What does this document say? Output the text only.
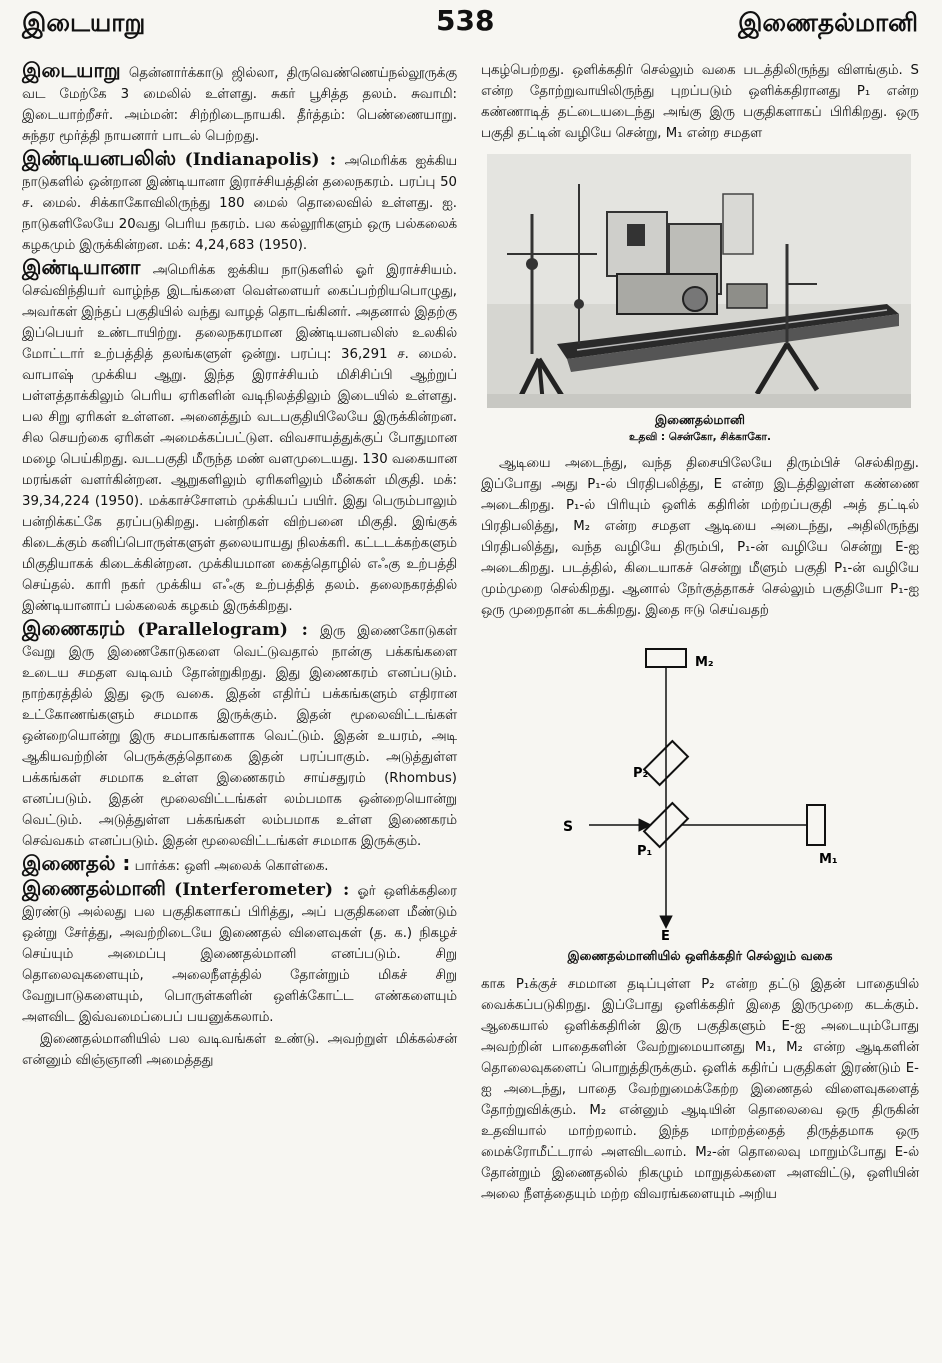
இடையாறு	538	இணைதல்மானி

இடையாறு தென்னார்க்காடு ஜில்லா, திருவெண்ணெய்நல்லூருக்கு வட மேற்கே 3 மைலில் உள்ளது. சுகர் பூசித்த தலம். சுவாமி: இடையாற்றீசர். அம்மன்: சிற்றிடைநாயகி. தீர்த்தம்: பெண்ணையாறு. சுந்தர மூர்த்தி நாயனார் பாடல் பெற்றது.

இண்டியனபலிஸ் (Indianapolis) : அமெரிக்க ஐக்கிய நாடுகளில் ஒன்றான இண்டியானா இராச்சியத்தின் தலைநகரம். பரப்பு 50 ச. மைல். சிக்காகோவிலிருந்து 180 மைல் தொலைவில் உள்ளது. ஐ. நாடுகளிலேயே 20வது பெரிய நகரம். பல கல்லூரிகளும் ஒரு பல்கலைக் கழகமும் இருக்கின்றன. மக்: 4,24,683 (1950).

இண்டியானா அமெரிக்க ஐக்கிய நாடுகளில் ஓர் இராச்சியம். செவ்விந்தியர் வாழ்ந்த இடங்களை வெள்ளையர் கைப்பற்றியபொழுது, அவர்கள் இந்தப் பகுதியில் வந்து வாழத் தொடங்கினர். அதனால் இதற்கு இப்பெயர் உண்டாயிற்று. தலைநகரமான இண்டியனபலிஸ் உலகில் மோட்டார் உற்பத்தித் தலங்களுள் ஒன்று. பரப்பு: 36,291 ச. மைல். வாபாஷ் முக்கிய ஆறு. இந்த இராச்சியம் மிசிசிப்பி ஆற்றுப் பள்ளத்தாக்கிலும் பெரிய ஏரிகளின் வடிநிலத்திலும் இடையில் உள்ளது. பல சிறு ஏரிகள் உள்ளன. அனைத்தும் வடபகுதியிலேயே இருக்கின்றன. சில செயற்கை ஏரிகள் அமைக்கப்பட்டுள. விவசாயத்துக்குப் போதுமான மழை பெய்கிறது. வடபகுதி மீருந்த மண் வளமுடையது. 130 வகையான மரங்கள் வளர்கின்றன. ஆறுகளிலும் ஏரிகளிலும் மீன்கள் மிகுதி. மக்: 39,34,224 (1950). மக்காச்சோளம் முக்கியப் பயிர். இது பெரும்பாலும் பன்றிக்கட்கே தரப்படுகிறது. பன்றிகள் விற்பனை மிகுதி. இங்குக் கிடைக்கும் கனிப்பொருள்களுள் தலையாயது நிலக்கரி. கட்டடக்கற்களும் மிகுதியாகக் கிடைக்கின்றன. முக்கியமான கைத்தொழில் எஃகு உற்பத்தி செய்தல். காரி நகர் முக்கிய எஃகு உற்பத்தித் தலம். தலைநகரத்தில் இண்டியானாப் பல்கலைக் கழகம் இருக்கிறது.

இணைகரம் (Parallelogram) : இரு இணைகோடுகள் வேறு இரு இணைகோடுகளை வெட்டுவதால் நான்கு பக்கங்களை உடைய சமதள வடிவம் தோன்றுகிறது. இது இணைகரம் எனப்படும். நாற்கரத்தில் இது ஒரு வகை. இதன் எதிர்ப் பக்கங்களும் எதிரான உட்கோணங்களும் சமமாக இருக்கும். இதன் மூலைவிட்டங்கள் ஒன்றையொன்று இரு சமபாகங்களாக வெட்டும். இதன் உயரம், அடி ஆகியவற்றின் பெருக்குத்தொகை இதன் பரப்பாகும். அடுத்துள்ள பக்கங்கள் சமமாக உள்ள இணைகரம் சாய்சதுரம் (Rhombus) எனப்படும். இதன் மூலைவிட்டங்கள் லம்பமாக ஒன்றையொன்று வெட்டும். அடுத்துள்ள பக்கங்கள் லம்பமாக உள்ள இணைகரம் செவ்வகம் எனப்படும். இதன் மூலைவிட்டங்கள் சமமாக இருக்கும்.

இணைதல் : பார்க்க: ஒளி அலைக் கொள்கை.

இணைதல்மானி (Interferometer) : ஓர் ஒளிக்கதிரை இரண்டு அல்லது பல பகுதிகளாகப் பிரித்து, அப் பகுதிகளை மீண்டும் ஒன்று சேர்த்து, அவற்றிடையே இணைதல் விளைவுகள் (த. க.) நிகழச் செய்யும் அமைப்பு இணைதல்மானி எனப்படும். சிறு தொலைவுகளையும், அலைநீளத்தில் தோன்றும் மிகச் சிறு வேறுபாடுகளையும், பொருள்களின் ஒளிக்கோட்ட எண்களையும் அளவிட இவ்வமைப்பைப் பயனுக்கலாம்.

இணைதல்மானியில் பல வடிவங்கள் உண்டு. அவற்றுள் மிக்கல்சன் என்னும் விஞ்ஞானி அமைத்தது

புகழ்பெற்றது. ஒளிக்கதிர் செல்லும் வகை படத்திலிருந்து விளங்கும். S என்ற தோற்றுவாயிலிருந்து புறப்படும் ஒளிக்கதிரானது P₁ என்ற கண்ணாடித் தட்டையடைந்து அங்கு இரு பகுதிகளாகப் பிரிகிறது. ஒரு பகுதி தட்டின் வழியே சென்று, M₁ என்ற சமதள

இணைதல்மானி

உதவி : சென்கோ, சிக்காகோ.

ஆடியை அடைந்து, வந்த திசையிலேயே திரும்பிச் செல்கிறது. இப்போது அது P₁-ல் பிரதிபலித்து, E என்ற இடத்திலுள்ள கண்ணை அடைகிறது. P₁-ல் பிரியும் ஒளிக் கதிரின் மற்றப்பகுதி அத் தட்டில் பிரதிபலித்து, M₂ என்ற சமதள ஆடியை அடைந்து, அதிலிருந்து பிரதிபலித்து, வந்த வழியே திரும்பி, P₁-ன் வழியே சென்று E-ஐ அடைகிறது. படத்தில், கிடையாகச் சென்று மீளும் பகுதி P₁-ன் வழியே மும்முறை செல்கிறது. ஆனால் நேர்குத்தாகச் செல்லும் பகுதியோ P₁-ஐ ஒரு முறைதான் கடக்கிறது. இதை ஈடு செய்வதற்

M₂
P₂
S
P₁
M₁
E

இணைதல்மானியில் ஒளிக்கதிர் செல்லும் வகை

காக P₁க்குச் சமமான தடிப்புள்ள P₂ என்ற தட்டு இதன் பாதையில் வைக்கப்படுகிறது. இப்போது ஒளிக்கதிர் இதை இருமுறை கடக்கும். ஆகையால் ஒளிக்கதிரின் இரு பகுதிகளும் E-ஐ அடையும்போது அவற்றின் பாதைகளின் வேற்றுமையானது M₁, M₂ என்ற ஆடிகளின் தொலைவுகளைப் பொறுத்திருக்கும். ஒளிக் கதிர்ப் பகுதிகள் இரண்டும் E-ஐ அடைந்து, பாதை வேற்றுமைக்கேற்ற இணைதல் விளைவுகளைத் தோற்றுவிக்கும். M₂ என்னும் ஆடியின் தொலைவை ஒரு திருகின் உதவியால் மாற்றலாம். இந்த மாற்றத்தைத் திருத்தமாக ஒரு மைக்ரோமீட்டரால் அளவிடலாம். M₂-ன் தொலைவு மாறும்போது E-ல் தோன்றும் இணைதலில் நிகழும் மாறுதல்களை அளவிட்டு, ஒளியின் அலை நீளத்தையும் மற்ற விவரங்களையும் அறிய
